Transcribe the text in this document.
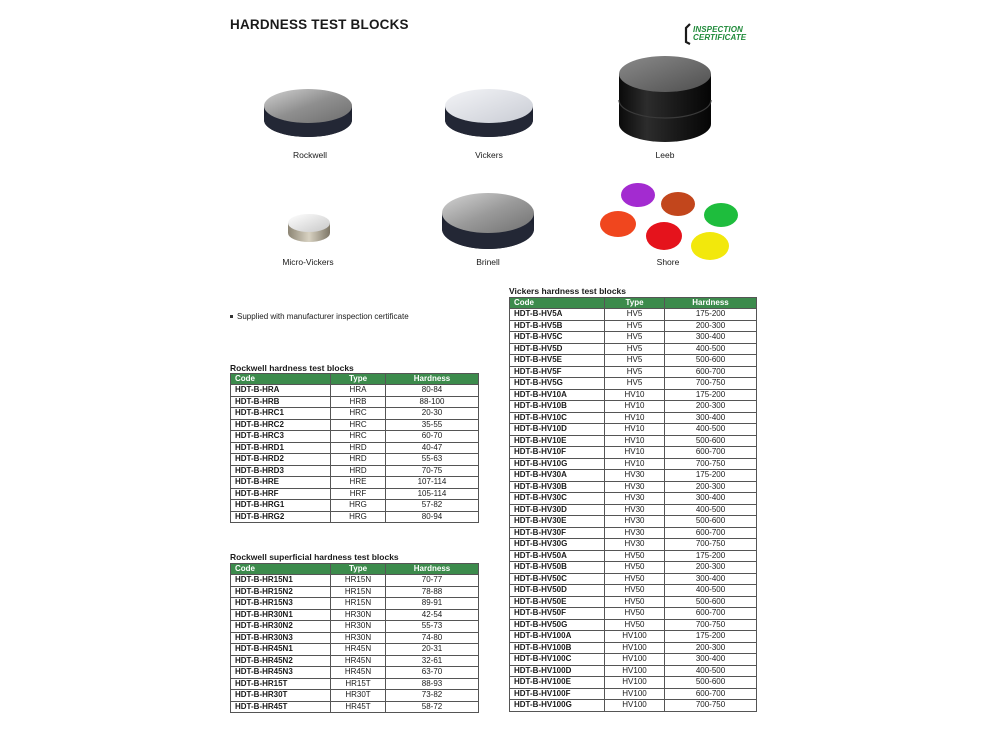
HARDNESS TEST BLOCKS	INSPECTION
CERTIFICATE
Rockwell	Vickers	Leeb
Micro-Vickers	Brinell	Shore
Supplied with manufacturer inspection certificate
Rockwell hardness test blocks
Code	Type	Hardness
HDT-B-HRA	HRA	80-84
HDT-B-HRB	HRB	88-100
HDT-B-HRC1	HRC	20-30
HDT-B-HRC2	HRC	35-55
HDT-B-HRC3	HRC	60-70
HDT-B-HRD1	HRD	40-47
HDT-B-HRD2	HRD	55-63
HDT-B-HRD3	HRD	70-75
HDT-B-HRE	HRE	107-114
HDT-B-HRF	HRF	105-114
HDT-B-HRG1	HRG	57-82
HDT-B-HRG2	HRG	80-94
Rockwell superficial hardness test blocks
Code	Type	Hardness
HDT-B-HR15N1	HR15N	70-77
HDT-B-HR15N2	HR15N	78-88
HDT-B-HR15N3	HR15N	89-91
HDT-B-HR30N1	HR30N	42-54
HDT-B-HR30N2	HR30N	55-73
HDT-B-HR30N3	HR30N	74-80
HDT-B-HR45N1	HR45N	20-31
HDT-B-HR45N2	HR45N	32-61
HDT-B-HR45N3	HR45N	63-70
HDT-B-HR15T	HR15T	88-93
HDT-B-HR30T	HR30T	73-82
HDT-B-HR45T	HR45T	58-72
Vickers hardness test blocks
Code	Type	Hardness
HDT-B-HV5A	HV5	175-200
HDT-B-HV5B	HV5	200-300
HDT-B-HV5C	HV5	300-400
HDT-B-HV5D	HV5	400-500
HDT-B-HV5E	HV5	500-600
HDT-B-HV5F	HV5	600-700
HDT-B-HV5G	HV5	700-750
HDT-B-HV10A	HV10	175-200
HDT-B-HV10B	HV10	200-300
HDT-B-HV10C	HV10	300-400
HDT-B-HV10D	HV10	400-500
HDT-B-HV10E	HV10	500-600
HDT-B-HV10F	HV10	600-700
HDT-B-HV10G	HV10	700-750
HDT-B-HV30A	HV30	175-200
HDT-B-HV30B	HV30	200-300
HDT-B-HV30C	HV30	300-400
HDT-B-HV30D	HV30	400-500
HDT-B-HV30E	HV30	500-600
HDT-B-HV30F	HV30	600-700
HDT-B-HV30G	HV30	700-750
HDT-B-HV50A	HV50	175-200
HDT-B-HV50B	HV50	200-300
HDT-B-HV50C	HV50	300-400
HDT-B-HV50D	HV50	400-500
HDT-B-HV50E	HV50	500-600
HDT-B-HV50F	HV50	600-700
HDT-B-HV50G	HV50	700-750
HDT-B-HV100A	HV100	175-200
HDT-B-HV100B	HV100	200-300
HDT-B-HV100C	HV100	300-400
HDT-B-HV100D	HV100	400-500
HDT-B-HV100E	HV100	500-600
HDT-B-HV100F	HV100	600-700
HDT-B-HV100G	HV100	700-750
